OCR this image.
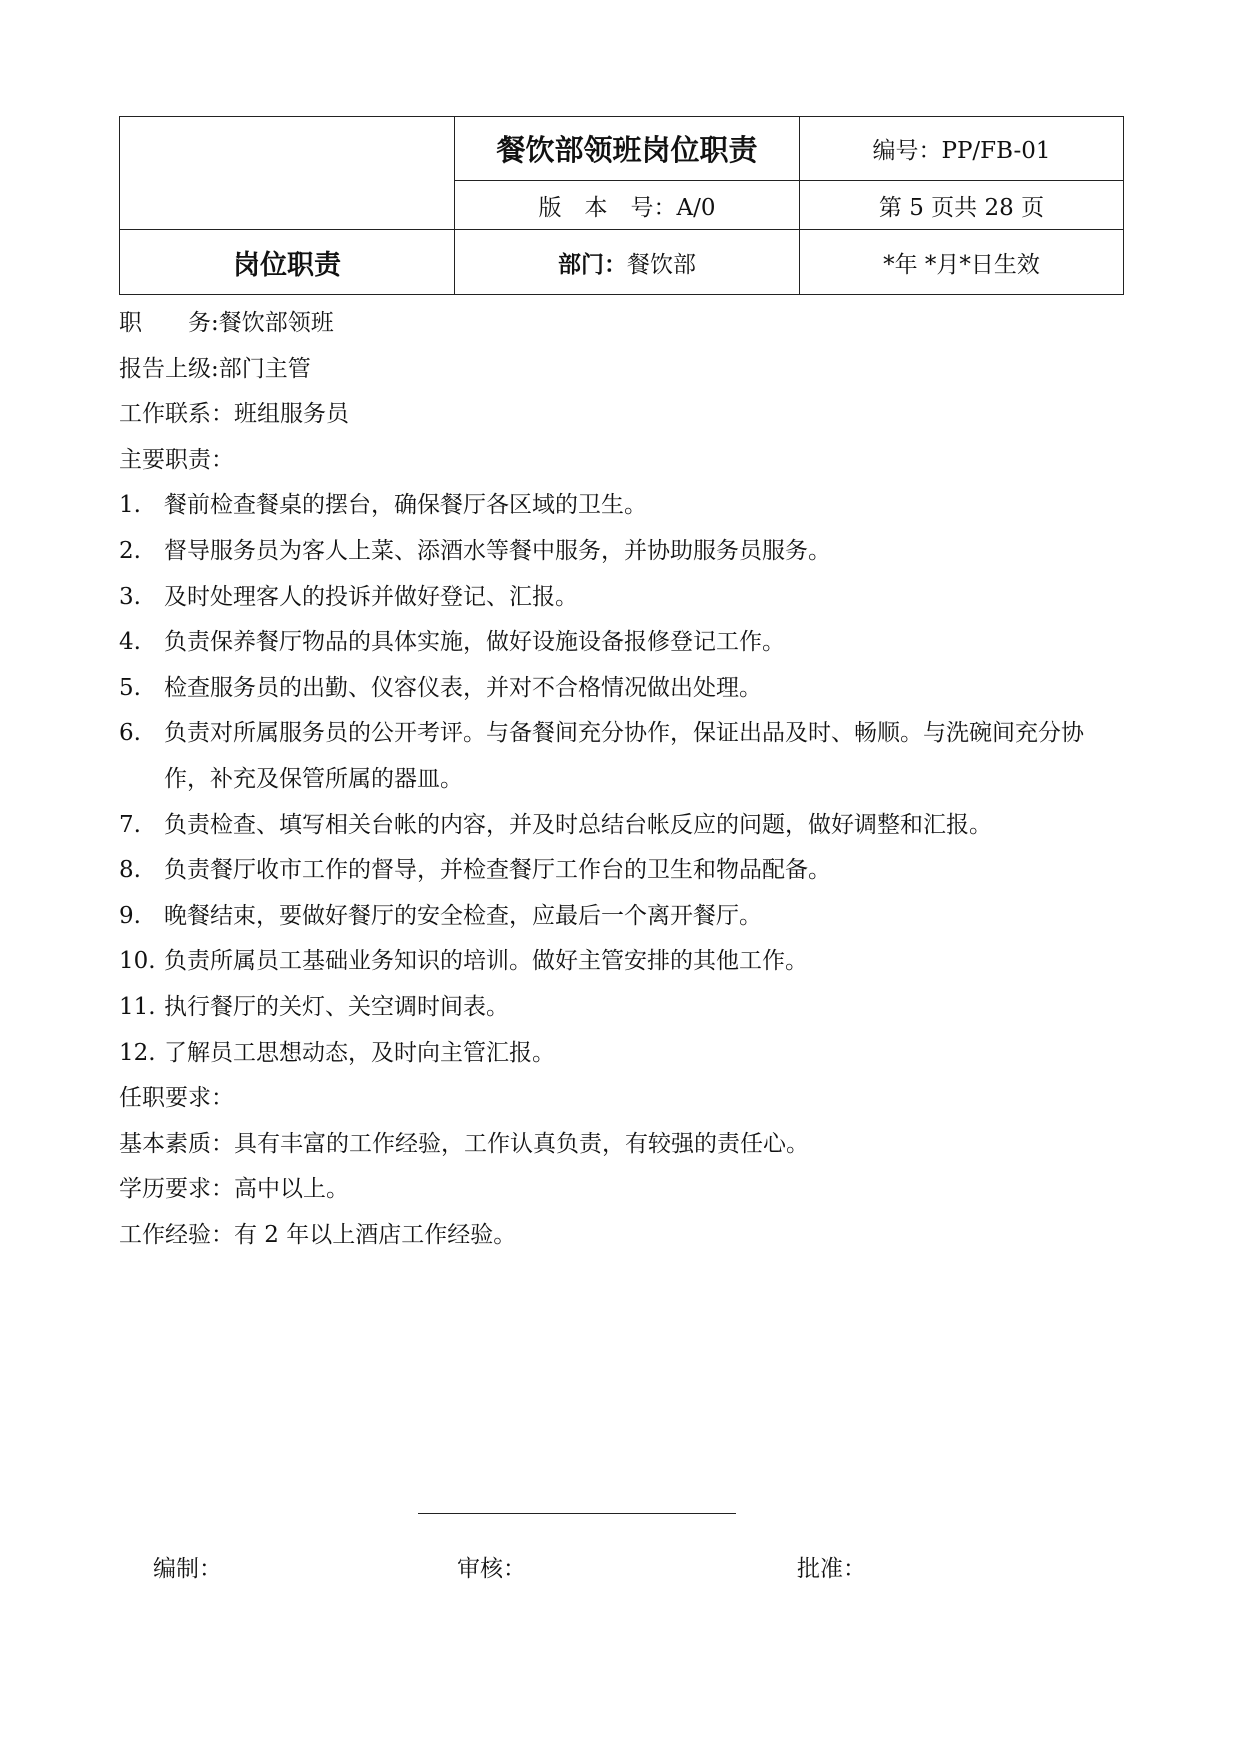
	餐饮部领班岗位职责	编号：PP/FB-01
	版　本　号：A/0	第 5 页共 28 页
岗位职责	部门：餐饮部	*年 *月*日生效
职　　务:餐饮部领班
报告上级:部门主管
工作联系：班组服务员
主要职责：
1.	餐前检查餐桌的摆台，确保餐厅各区域的卫生。
2.	督导服务员为客人上菜、添酒水等餐中服务，并协助服务员服务。
3.	及时处理客人的投诉并做好登记、汇报。
4.	负责保养餐厅物品的具体实施，做好设施设备报修登记工作。
5.	检查服务员的出勤、仪容仪表，并对不合格情况做出处理。
6.	负责对所属服务员的公开考评。与备餐间充分协作，保证出品及时、畅顺。与洗碗间充分协作，补充及保管所属的器皿。
7.	负责检查、填写相关台帐的内容，并及时总结台帐反应的问题，做好调整和汇报。
8.	负责餐厅收市工作的督导，并检查餐厅工作台的卫生和物品配备。
9.	晚餐结束，要做好餐厅的安全检查，应最后一个离开餐厅。
10. 负责所属员工基础业务知识的培训。做好主管安排的其他工作。
11. 执行餐厅的关灯、关空调时间表。
12. 了解员工思想动态，及时向主管汇报。
任职要求：
基本素质：具有丰富的工作经验，工作认真负责，有较强的责任心。
学历要求：高中以上。
工作经验：有 2 年以上酒店工作经验。
编制：	审核：	批准：
